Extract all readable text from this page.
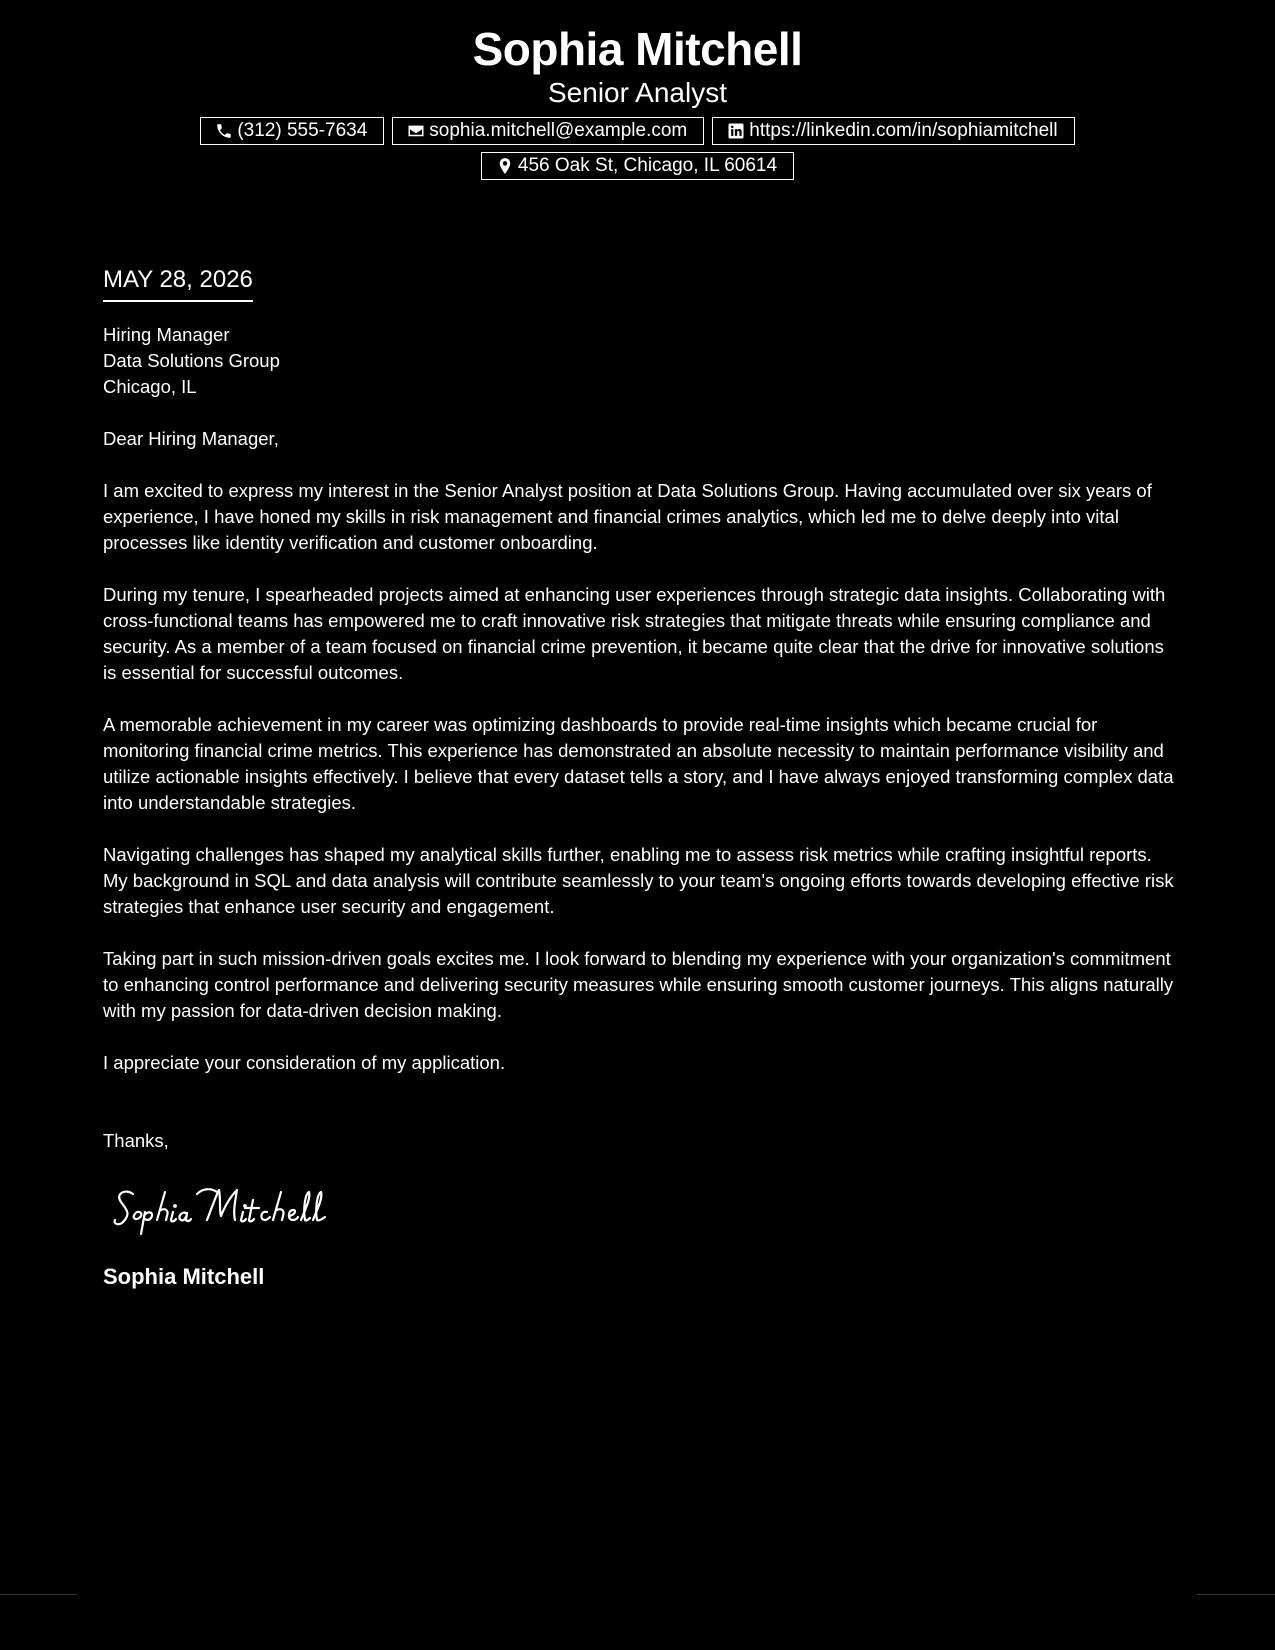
Sophia Mitchell
Senior Analyst
(312) 555-7634	sophia.mitchell@example.com	https://linkedin.com/in/sophiamitchell
456 Oak St, Chicago, IL 60614
MAY 28, 2026
Hiring Manager
Data Solutions Group
Chicago, IL
Dear Hiring Manager,
I am excited to express my interest in the Senior Analyst position at Data Solutions Group. Having accumulated over six years of experience, I have honed my skills in risk management and financial crimes analytics, which led me to delve deeply into vital processes like identity verification and customer onboarding.
During my tenure, I spearheaded projects aimed at enhancing user experiences through strategic data insights. Collaborating with cross-functional teams has empowered me to craft innovative risk strategies that mitigate threats while ensuring compliance and security. As a member of a team focused on financial crime prevention, it became quite clear that the drive for innovative solutions is essential for successful outcomes.
A memorable achievement in my career was optimizing dashboards to provide real-time insights which became crucial for monitoring financial crime metrics. This experience has demonstrated an absolute necessity to maintain performance visibility and utilize actionable insights effectively. I believe that every dataset tells a story, and I have always enjoyed transforming complex data into understandable strategies.
Navigating challenges has shaped my analytical skills further, enabling me to assess risk metrics while crafting insightful reports. My background in SQL and data analysis will contribute seamlessly to your team's ongoing efforts towards developing effective risk strategies that enhance user security and engagement.
Taking part in such mission-driven goals excites me. I look forward to blending my experience with your organization's commitment to enhancing control performance and delivering security measures while ensuring smooth customer journeys. This aligns naturally with my passion for data-driven decision making.
I appreciate your consideration of my application.
Thanks,
Sophia Mitchell
